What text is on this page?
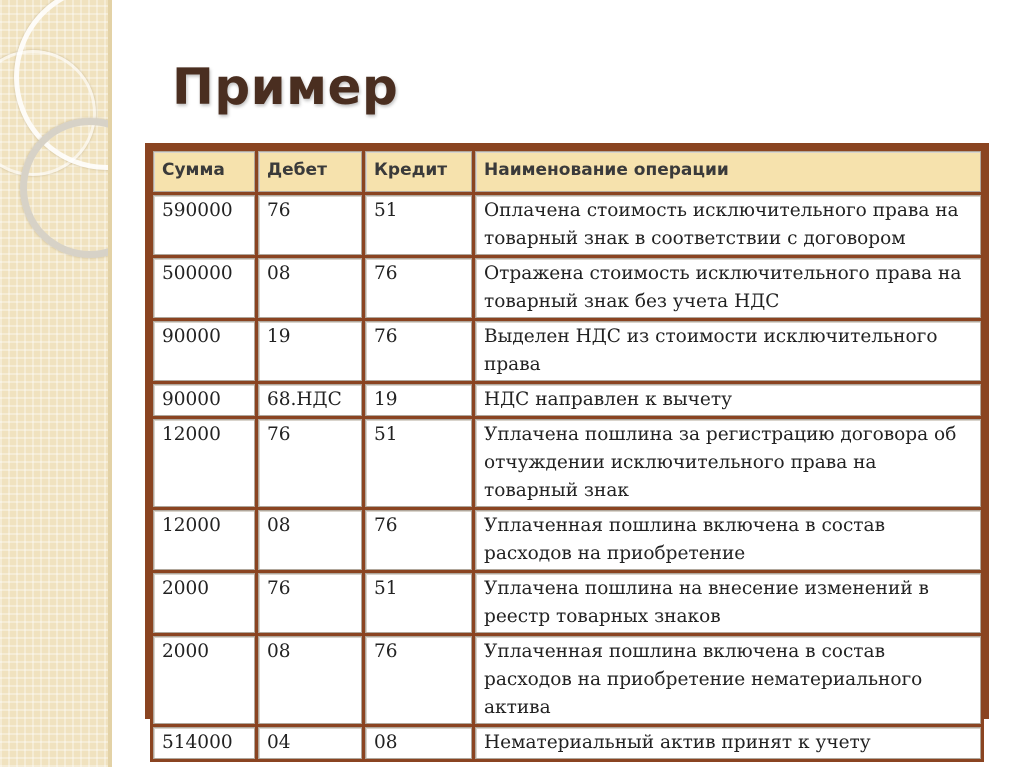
Пример
Сумма	Дебет	Кредит	Наименование операции
590000	76	51	Оплачена стоимость исключительного права на товарный знак в соответствии с договором
500000	08	76	Отражена стоимость исключительного права на товарный знак без учета НДС
90000	19	76	Выделен НДС из стоимости исключительного права
90000	68.НДС	19	НДС направлен к вычету
12000	76	51	Уплачена пошлина за регистрацию договора об отчуждении исключительного права на товарный знак
12000	08	76	Уплаченная пошлина включена в состав расходов на приобретение
2000	76	51	Уплачена пошлина на внесение изменений в реестр товарных знаков
2000	08	76	Уплаченная пошлина включена в состав расходов на приобретение нематериального актива
514000	04	08	Нематериальный актив принят к учету
